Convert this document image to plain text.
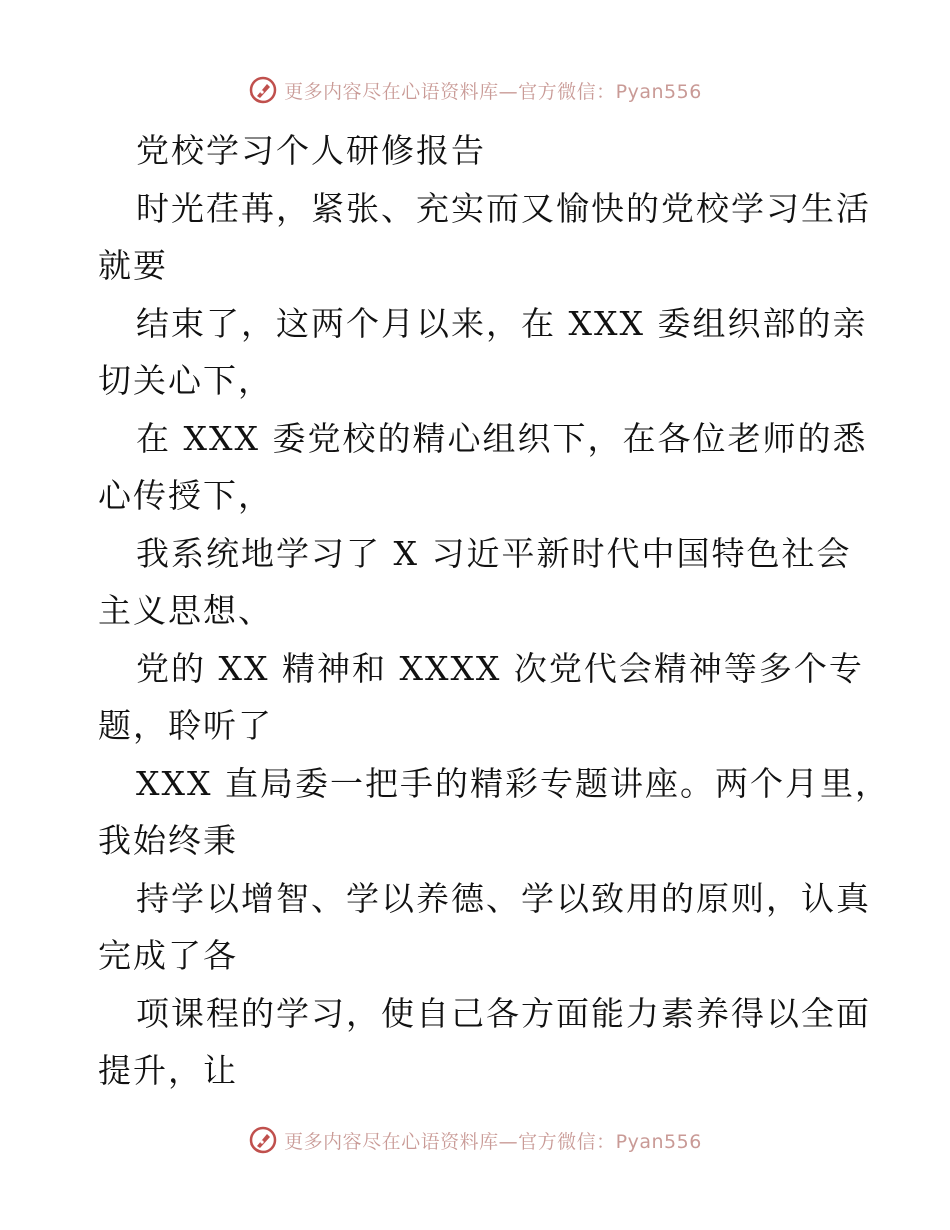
更多内容尽在心语资料库—官方微信：Pyan556

党校学习个人研修报告

时光荏苒，紧张、充实而又愉快的党校学习生活
就要

结束了，这两个月以来，在 XXX 委组织部的亲
切关心下，

在 XXX 委党校的精心组织下，在各位老师的悉
心传授下，

我系统地学习了 X 习近平新时代中国特色社会
主义思想、

党的 XX 精神和 XXXX 次党代会精神等多个专
题，聆听了

XXX 直局委一把手的精彩专题讲座。两个月里，
我始终秉

持学以增智、学以养德、学以致用的原则，认真
完成了各

项课程的学习，使自己各方面能力素养得以全面
提升，让

更多内容尽在心语资料库—官方微信：Pyan556
